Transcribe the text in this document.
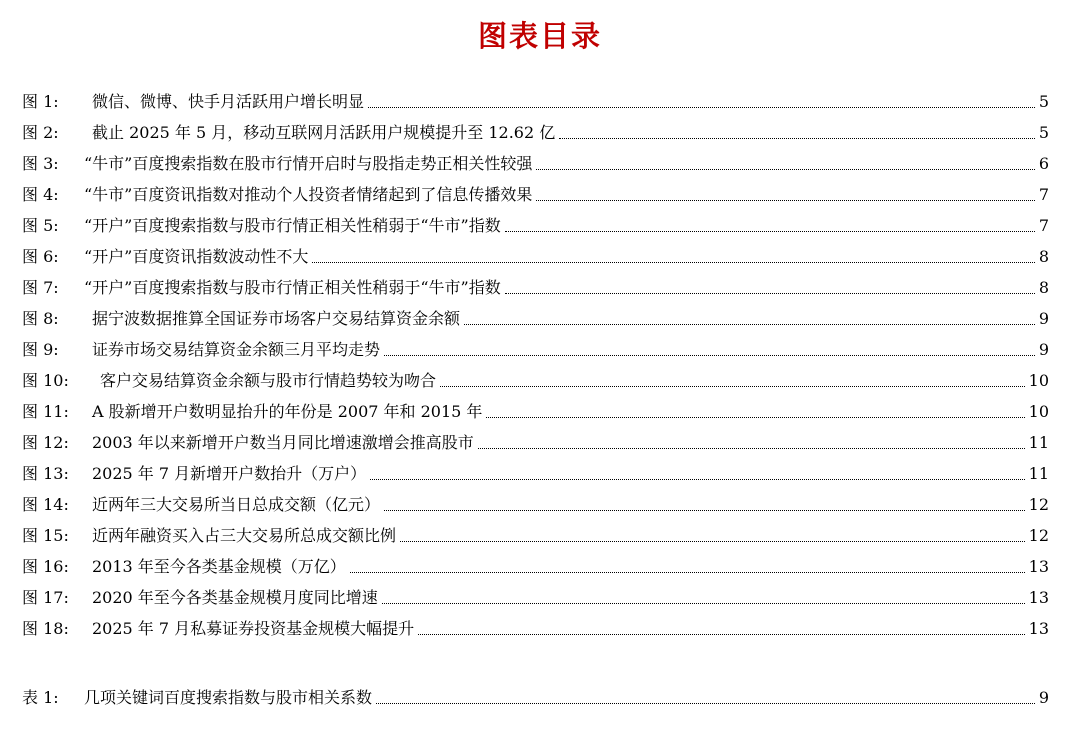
图表目录
图 1:	微信、微博、快手月活跃用户增长明显	5
图 2:	截止 2025 年 5 月，移动互联网月活跃用户规模提升至 12.62 亿	5
图 3:	“牛市”百度搜索指数在股市行情开启时与股指走势正相关性较强	6
图 4:	“牛市”百度资讯指数对推动个人投资者情绪起到了信息传播效果	7
图 5:	“开户”百度搜索指数与股市行情正相关性稍弱于“牛市”指数	7
图 6:	“开户”百度资讯指数波动性不大	8
图 7:	“开户”百度搜索指数与股市行情正相关性稍弱于“牛市”指数	8
图 8:	据宁波数据推算全国证券市场客户交易结算资金余额	9
图 9:	证券市场交易结算资金余额三月平均走势	9
图 10:	客户交易结算资金余额与股市行情趋势较为吻合	10
图 11:	A 股新增开户数明显抬升的年份是 2007 年和 2015 年	10
图 12:	2003 年以来新增开户数当月同比增速激增会推高股市	11
图 13:	2025 年 7 月新增开户数抬升（万户）	11
图 14:	近两年三大交易所当日总成交额（亿元）	12
图 15:	近两年融资买入占三大交易所总成交额比例	12
图 16:	2013 年至今各类基金规模（万亿）	13
图 17:	2020 年至今各类基金规模月度同比增速	13
图 18:	2025 年 7 月私募证券投资基金规模大幅提升	13
表 1:	几项关键词百度搜索指数与股市相关系数	9
